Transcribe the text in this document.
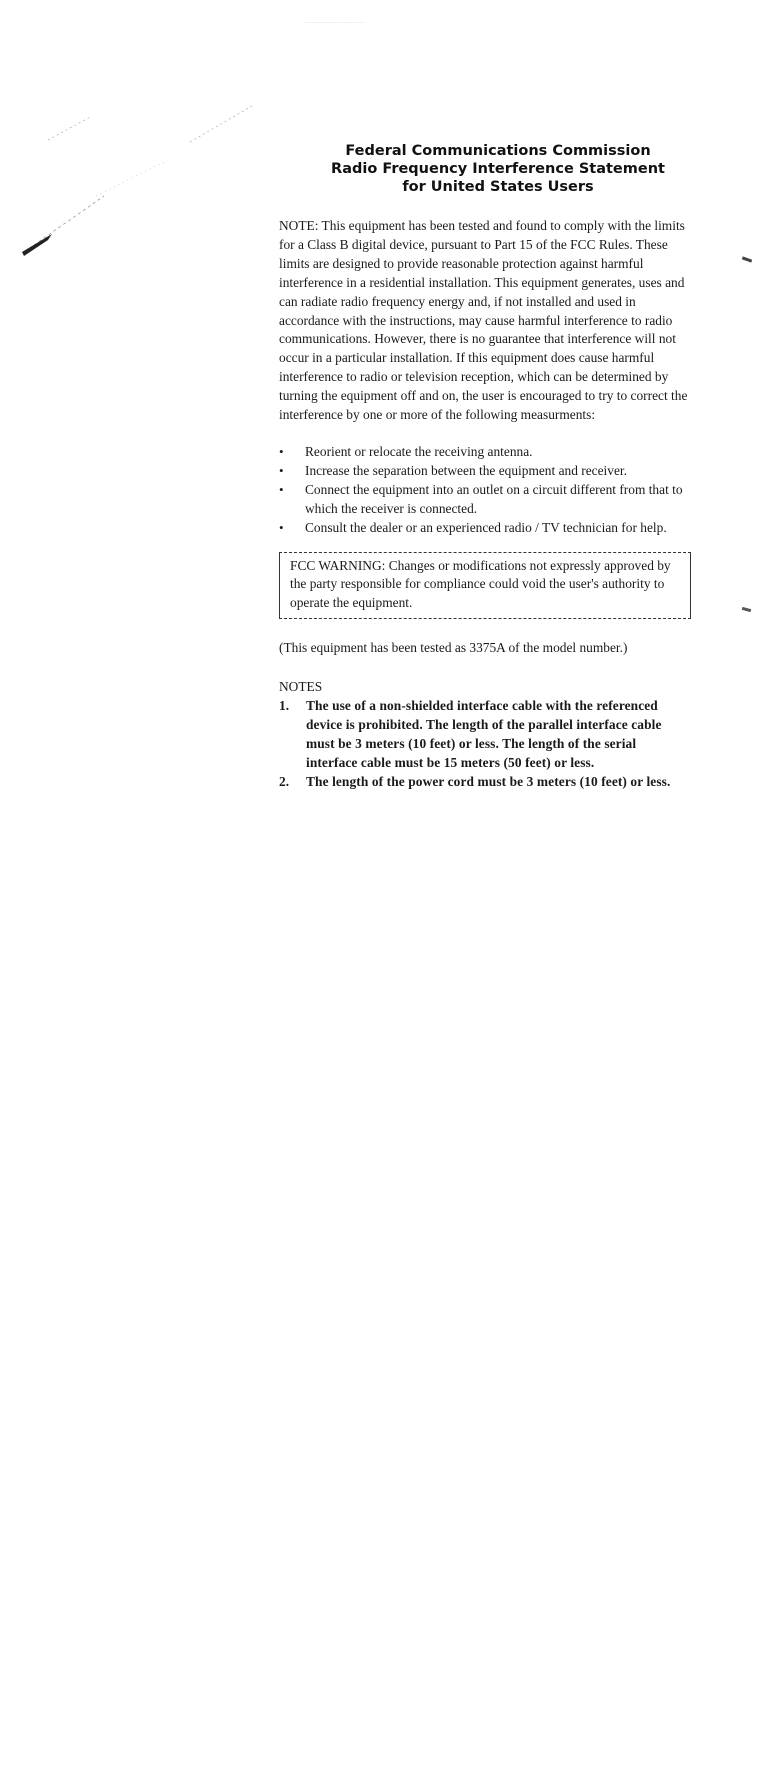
⋯⋯⋯⋯⋯⋯⋯⋯⋯⋯⋯
Federal Communications Commission
Radio Frequency Interference Statement
for United States Users

NOTE: This equipment has been tested and found to comply with the limits for a Class B digital device, pursuant to Part 15 of the FCC Rules. These limits are designed to provide reasonable protection against harmful interference in a residential installation. This equipment generates, uses and can radiate radio frequency energy and, if not installed and used in accordance with the instructions, may cause harmful interference to radio communications. However, there is no guarantee that interference will not occur in a particular installation. If this equipment does cause harmful interference to radio or television reception, which can be determined by turning the equipment off and on, the user is encouraged to try to correct the interference by one or more of the following measurments:

• Reorient or relocate the receiving antenna.
• Increase the separation between the equipment and receiver.
• Connect the equipment into an outlet on a circuit different from that to which the receiver is connected.
• Consult the dealer or an experienced radio / TV technician for help.
FCC WARNING: Changes or modifications not expressly approved by the party responsible for compliance could void the user's authority to operate the equipment.

(This equipment has been tested as 3375A of the model number.)

NOTES
1. The use of a non-shielded interface cable with the referenced device is prohibited. The length of the parallel interface cable must be 3 meters (10 feet) or less. The length of the serial interface cable must be 15 meters (50 feet) or less.
2. The length of the power cord must be 3 meters (10 feet) or less.
